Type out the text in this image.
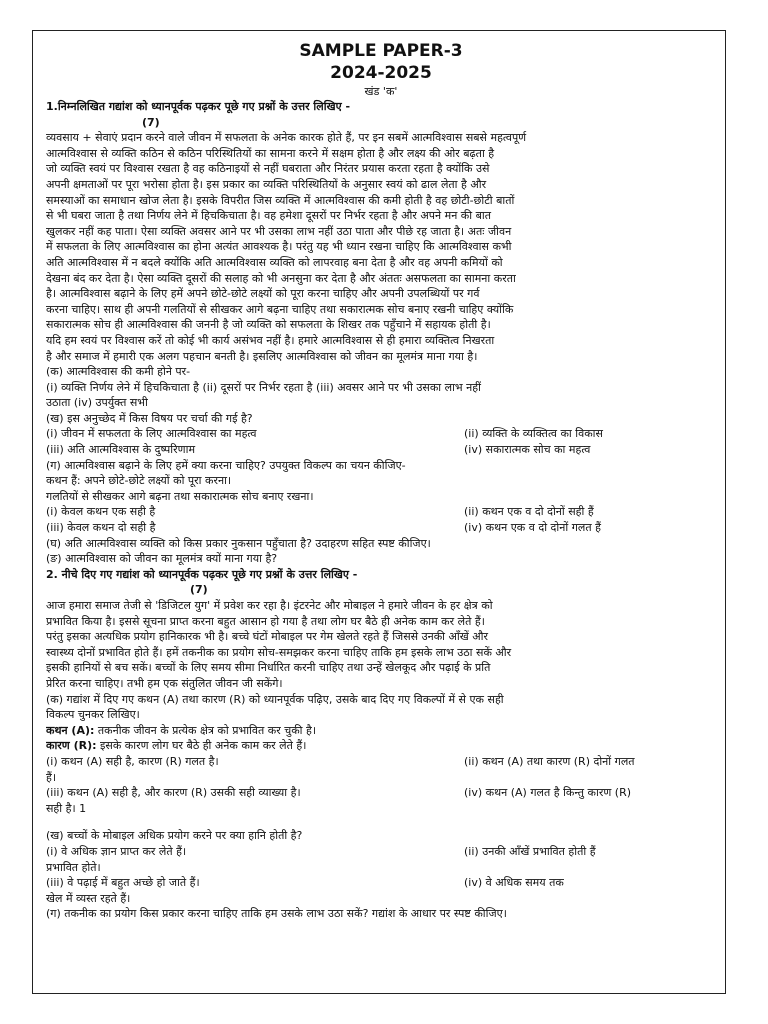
SAMPLE PAPER-3
2024-2025
खंड 'क'
1.निम्नलिखित गद्यांश को ध्यानपूर्वक पढ़कर पूछे गए प्रश्नों के उत्तर लिखिए -
(7)
व्यवसाय + सेवाएं प्रदान करने वाले जीवन में सफलता के अनेक कारक होते हैं, पर इन सबमें आत्मविश्वास सबसे महत्वपूर्ण
आत्मविश्वास से व्यक्ति कठिन से कठिन परिस्थितियों का सामना करने में सक्षम होता है और लक्ष्य की ओर बढ़ता है
जो व्यक्ति स्वयं पर विश्वास रखता है वह कठिनाइयों से नहीं घबराता और निरंतर प्रयास करता रहता है क्योंकि उसे
अपनी क्षमताओं पर पूरा भरोसा होता है। इस प्रकार का व्यक्ति परिस्थितियों के अनुसार स्वयं को ढाल लेता है और
समस्याओं का समाधान खोज लेता है। इसके विपरीत जिस व्यक्ति में आत्मविश्वास की कमी होती है वह छोटी-छोटी बातों
से भी घबरा जाता है तथा निर्णय लेने में हिचकिचाता है। वह हमेशा दूसरों पर निर्भर रहता है और अपने मन की बात
खुलकर नहीं कह पाता। ऐसा व्यक्ति अवसर आने पर भी उसका लाभ नहीं उठा पाता और पीछे रह जाता है। अतः जीवन
में सफलता के लिए आत्मविश्वास का होना अत्यंत आवश्यक है। परंतु यह भी ध्यान रखना चाहिए कि आत्मविश्वास कभी
अति आत्मविश्वास में न बदले क्योंकि अति आत्मविश्वास व्यक्ति को लापरवाह बना देता है और वह अपनी कमियों को
देखना बंद कर देता है। ऐसा व्यक्ति दूसरों की सलाह को भी अनसुना कर देता है और अंततः असफलता का सामना करता
है। आत्मविश्वास बढ़ाने के लिए हमें अपने छोटे-छोटे लक्ष्यों को पूरा करना चाहिए और अपनी उपलब्धियों पर गर्व
करना चाहिए। साथ ही अपनी गलतियों से सीखकर आगे बढ़ना चाहिए तथा सकारात्मक सोच बनाए रखनी चाहिए क्योंकि
सकारात्मक सोच ही आत्मविश्वास की जननी है जो व्यक्ति को सफलता के शिखर तक पहुँचाने में सहायक होती है।
यदि हम स्वयं पर विश्वास करें तो कोई भी कार्य असंभव नहीं है। हमारे आत्मविश्वास से ही हमारा व्यक्तित्व निखरता
है और समाज में हमारी एक अलग पहचान बनती है। इसलिए आत्मविश्वास को जीवन का मूलमंत्र माना गया है।
(क) आत्मविश्वास की कमी होने पर-
(i) व्यक्ति निर्णय लेने में हिचकिचाता है (ii) दूसरों पर निर्भर रहता है (iii) अवसर आने पर भी उसका लाभ नहीं
उठाता (iv) उपर्युक्त सभी
(ख) इस अनुच्छेद में किस विषय पर चर्चा की गई है?
(i) जीवन में सफलता के लिए आत्मविश्वास का महत्व	(ii) व्यक्ति के व्यक्तित्व का विकास
(iii) अति आत्मविश्वास के दुष्परिणाम	(iv) सकारात्मक सोच का महत्व
(ग) आत्मविश्वास बढ़ाने के लिए हमें क्या करना चाहिए? उपयुक्त विकल्प का चयन कीजिए-
कथन हैं: अपने छोटे-छोटे लक्ष्यों को पूरा करना।
गलतियों से सीखकर आगे बढ़ना तथा सकारात्मक सोच बनाए रखना।
(i) केवल कथन एक सही है	(ii) कथन एक व दो दोनों सही हैं
(iii) केवल कथन दो सही है	(iv) कथन एक व दो दोनों गलत हैं
(घ) अति आत्मविश्वास व्यक्ति को किस प्रकार नुकसान पहुँचाता है? उदाहरण सहित स्पष्ट कीजिए।
(ङ) आत्मविश्वास को जीवन का मूलमंत्र क्यों माना गया है?
2. नीचे दिए गए गद्यांश को ध्यानपूर्वक पढ़कर पूछे गए प्रश्नों के उत्तर लिखिए -
(7)
आज हमारा समाज तेजी से 'डिजिटल युग' में प्रवेश कर रहा है। इंटरनेट और मोबाइल ने हमारे जीवन के हर क्षेत्र को
प्रभावित किया है। इससे सूचना प्राप्त करना बहुत आसान हो गया है तथा लोग घर बैठे ही अनेक काम कर लेते हैं।
परंतु इसका अत्यधिक प्रयोग हानिकारक भी है। बच्चे घंटों मोबाइल पर गेम खेलते रहते हैं जिससे उनकी आँखें और
स्वास्थ्य दोनों प्रभावित होते हैं। हमें तकनीक का प्रयोग सोच-समझकर करना चाहिए ताकि हम इसके लाभ उठा सकें और
इसकी हानियों से बच सकें। बच्चों के लिए समय सीमा निर्धारित करनी चाहिए तथा उन्हें खेलकूद और पढ़ाई के प्रति
प्रेरित करना चाहिए। तभी हम एक संतुलित जीवन जी सकेंगे।
(क) गद्यांश में दिए गए कथन (A) तथा कारण (R) को ध्यानपूर्वक पढ़िए, उसके बाद दिए गए विकल्पों में से एक सही
विकल्प चुनकर लिखिए।
कथन (A): तकनीक जीवन के प्रत्येक क्षेत्र को प्रभावित कर चुकी है।
कारण (R): इसके कारण लोग घर बैठे ही अनेक काम कर लेते हैं।
(i) कथन (A) सही है, कारण (R) गलत है।	(ii) कथन (A) तथा कारण (R) दोनों गलत
हैं।
(iii) कथन (A) सही है, और कारण (R) उसकी सही व्याख्या है।	(iv) कथन (A) गलत है किन्तु कारण (R)
सही है। 1
(ख) बच्चों के मोबाइल अधिक प्रयोग करने पर क्या हानि होती है?
(i) वे अधिक ज्ञान प्राप्त कर लेते हैं।	(ii) उनकी आँखें प्रभावित होती हैं
प्रभावित होते।
(iii) वे पढ़ाई में बहुत अच्छे हो जाते हैं।	(iv) वे अधिक समय तक
खेल में व्यस्त रहते हैं।
(ग) तकनीक का प्रयोग किस प्रकार करना चाहिए ताकि हम उसके लाभ उठा सकें? गद्यांश के आधार पर स्पष्ट कीजिए।
